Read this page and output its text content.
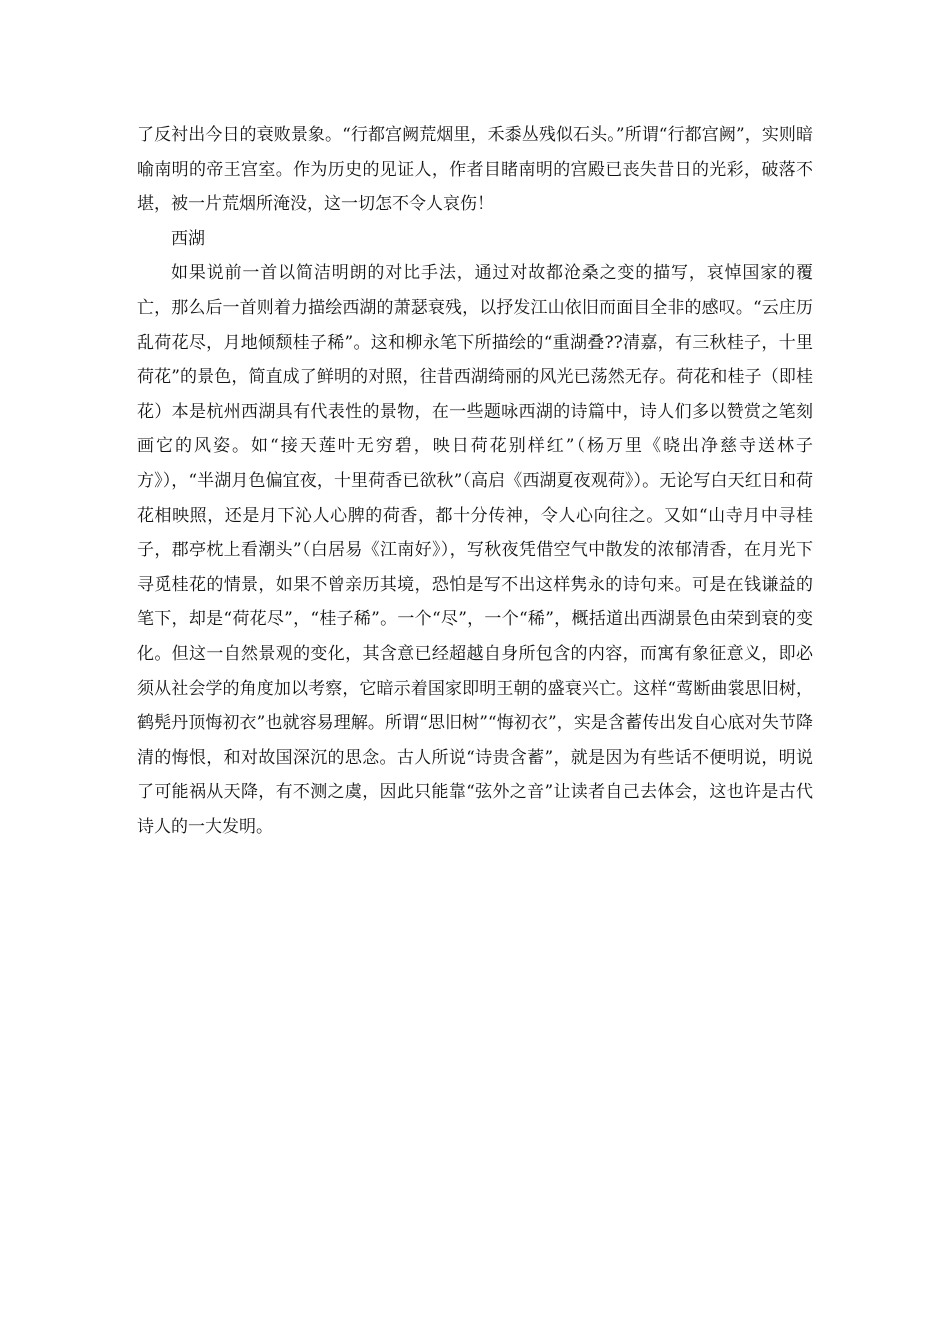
了反衬出今日的衰败景象。“行都宫阙荒烟里，禾黍丛残似石头。”所谓“行都宫阙”，实则暗喻南明的帝王宫室。作为历史的见证人，作者目睹南明的宫殿已丧失昔日的光彩，破落不堪，被一片荒烟所淹没，这一切怎不令人哀伤！

西湖

如果说前一首以简洁明朗的对比手法，通过对故都沧桑之变的描写，哀悼国家的覆亡，那么后一首则着力描绘西湖的萧瑟衰残，以抒发江山依旧而面目全非的感叹。“云庄历乱荷花尽，月地倾颓桂子稀”。这和柳永笔下所描绘的“重湖叠??清嘉，有三秋桂子，十里荷花”的景色，简直成了鲜明的对照，往昔西湖绮丽的风光已荡然无存。荷花和桂子（即桂花）本是杭州西湖具有代表性的景物，在一些题咏西湖的诗篇中，诗人们多以赞赏之笔刻画它的风姿。如“接天莲叶无穷碧，映日荷花别样红”（杨万里《晓出净慈寺送林子方》），“半湖月色偏宜夜，十里荷香已欲秋”（高启《西湖夏夜观荷》）。无论写白天红日和荷花相映照，还是月下沁人心脾的荷香，都十分传神，令人心向往之。又如“山寺月中寻桂子，郡亭枕上看潮头”（白居易《江南好》），写秋夜凭借空气中散发的浓郁清香，在月光下寻觅桂花的情景，如果不曾亲历其境，恐怕是写不出这样隽永的诗句来。可是在钱谦益的笔下，却是“荷花尽”，“桂子稀”。一个“尽”，一个“稀”，概括道出西湖景色由荣到衰的变化。但这一自然景观的变化，其含意已经超越自身所包含的内容，而寓有象征意义，即必须从社会学的角度加以考察，它暗示着国家即明王朝的盛衰兴亡。这样“莺断曲裳思旧树，鹤髡丹顶悔初衣”也就容易理解。所谓“思旧树”“悔初衣”，实是含蓄传出发自心底对失节降清的悔恨，和对故国深沉的思念。古人所说“诗贵含蓄”，就是因为有些话不便明说，明说了可能祸从天降，有不测之虞，因此只能靠“弦外之音”让读者自己去体会，这也许是古代诗人的一大发明。
